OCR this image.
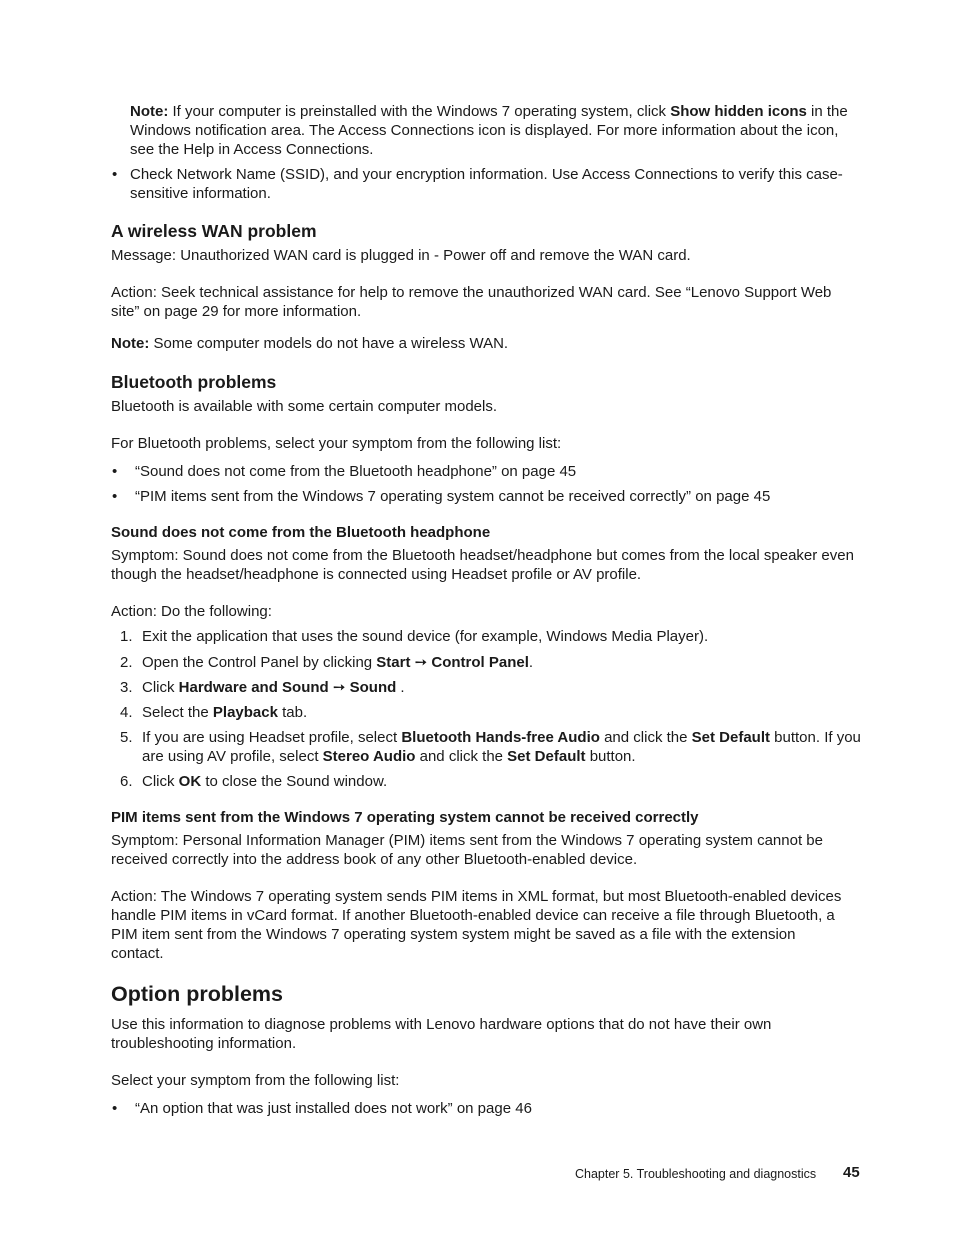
Note: If your computer is preinstalled with the Windows 7 operating system, click Show hidden icons in the Windows notification area. The Access Connections icon is displayed. For more information about the icon, see the Help in Access Connections.

• Check Network Name (SSID), and your encryption information. Use Access Connections to verify this case-sensitive information.

A wireless WAN problem

Message: Unauthorized WAN card is plugged in - Power off and remove the WAN card.

Action: Seek technical assistance for help to remove the unauthorized WAN card. See “Lenovo Support Web site” on page 29 for more information.

Note: Some computer models do not have a wireless WAN.

Bluetooth problems

Bluetooth is available with some certain computer models.

For Bluetooth problems, select your symptom from the following list:

• “Sound does not come from the Bluetooth headphone” on page 45

• “PIM items sent from the Windows 7 operating system cannot be received correctly” on page 45

Sound does not come from the Bluetooth headphone

Symptom: Sound does not come from the Bluetooth headset/headphone but comes from the local speaker even though the headset/headphone is connected using Headset profile or AV profile.

Action: Do the following:

1. Exit the application that uses the sound device (for example, Windows Media Player).

2. Open the Control Panel by clicking Start ➙ Control Panel.

3. Click Hardware and Sound ➙ Sound .

4. Select the Playback tab.

5. If you are using Headset profile, select Bluetooth Hands-free Audio and click the Set Default button. If you are using AV profile, select Stereo Audio and click the Set Default button.

6. Click OK to close the Sound window.

PIM items sent from the Windows 7 operating system cannot be received correctly

Symptom: Personal Information Manager (PIM) items sent from the Windows 7 operating system cannot be received correctly into the address book of any other Bluetooth-enabled device.

Action: The Windows 7 operating system sends PIM items in XML format, but most Bluetooth-enabled devices handle PIM items in vCard format. If another Bluetooth-enabled device can receive a file through Bluetooth, a PIM item sent from the Windows 7 operating system system might be saved as a file with the extension contact.

Option problems

Use this information to diagnose problems with Lenovo hardware options that do not have their own troubleshooting information.

Select your symptom from the following list:

• “An option that was just installed does not work” on page 46

Chapter 5. Troubleshooting and diagnostics 45
